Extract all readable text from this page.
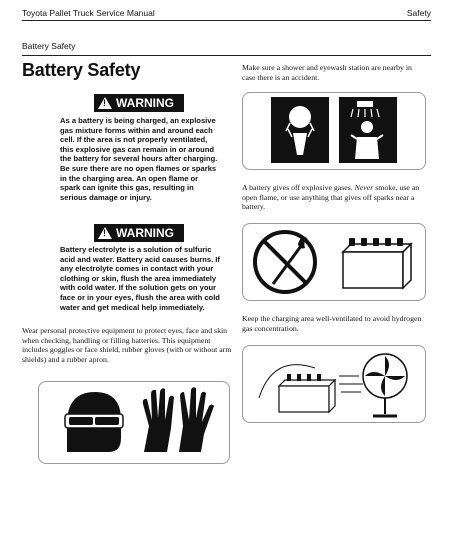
Toyota Pallet Truck Service Manual	Safety
Battery Safety
Battery Safety
!
WARNING
As a battery is being charged, an explosive gas mixture forms within and around each cell. If the area is not properly ventilated, this explosive gas can remain in or around the battery for several hours after charging. Be sure there are no open flames or sparks in the charging area. An open flame or spark can ignite this gas, resulting in serious damage or injury.
!
WARNING
Battery electrolyte is a solution of sulfuric acid and water. Battery acid causes burns. If any electrolyte comes in contact with your clothing or skin, flush the area immediately with cold water. If the solution gets on your face or in your eyes, flush the area with cold water and get medical help immediately.
Wear personal protective equipment to protect eyes, face and skin when checking, handling or filling batteries. This equipment includes goggles or face shield, rubber gloves (with or without arm shields) and a rubber apron.
Make sure a shower and eyewash station are nearby in case there is an accident.
A battery gives off explosive gases. Never smoke, use an open flame, or use anything that gives off sparks near a battery.
Keep the charging area well-ventilated to avoid hydrogen gas concentration.
